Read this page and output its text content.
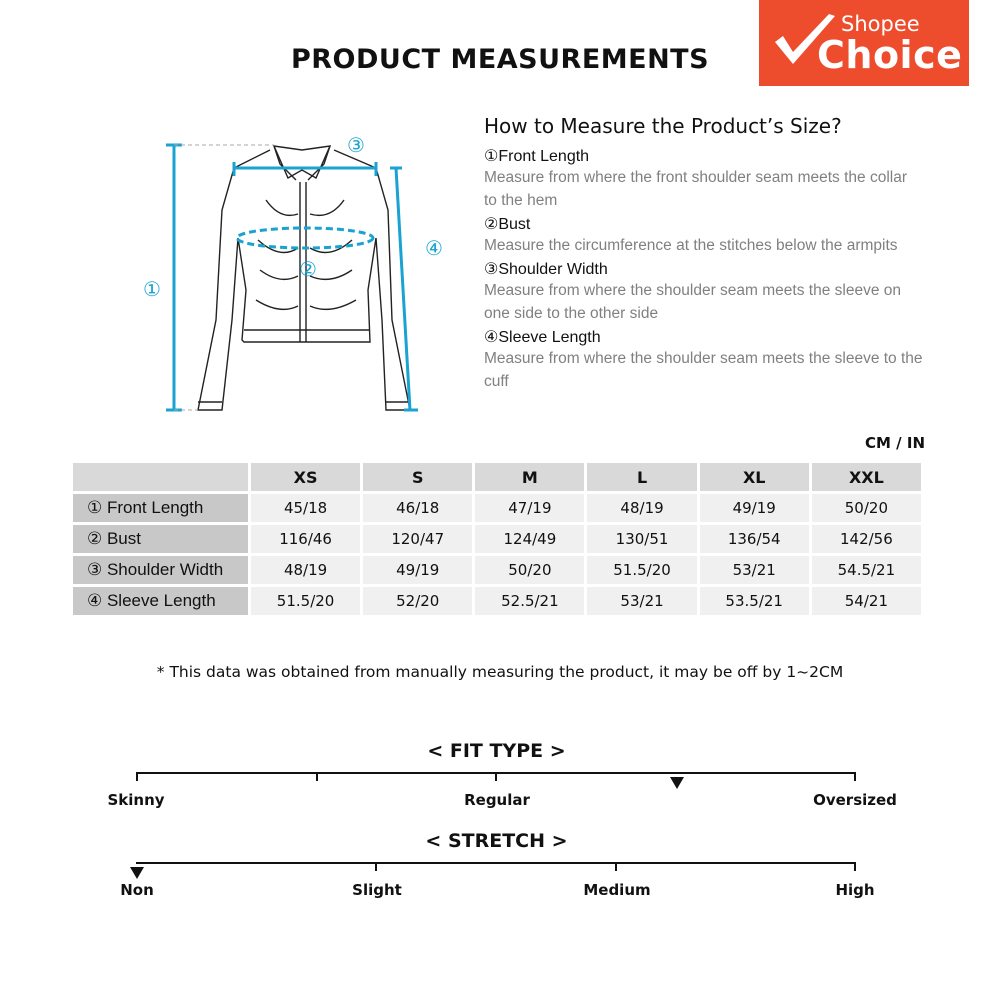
PRODUCT MEASUREMENTS
Shopee
Choice
①
②
③
④
How to Measure the Product’s Size?
①Front Length
Measure from where the front shoulder seam meets the collar to the hem
②Bust
Measure the circumference at the stitches below the armpits
③Shoulder Width
Measure from where the shoulder seam meets the sleeve on one side to the other side
④Sleeve Length
Measure from where the shoulder seam meets the sleeve to the cuff
CM / IN
	XS	S	M	L	XL	XXL
① Front Length	45/18	46/18	47/19	48/19	49/19	50/20
② Bust	116/46	120/47	124/49	130/51	136/54	142/56
③ Shoulder Width	48/19	49/19	50/20	51.5/20	53/21	54.5/21
④ Sleeve Length	51.5/20	52/20	52.5/21	53/21	53.5/21	54/21
* This data was obtained from manually measuring the product, it may be off by 1~2CM
< FIT TYPE >
Skinny	Regular	Oversized
< STRETCH >
Non	Slight	Medium	High
